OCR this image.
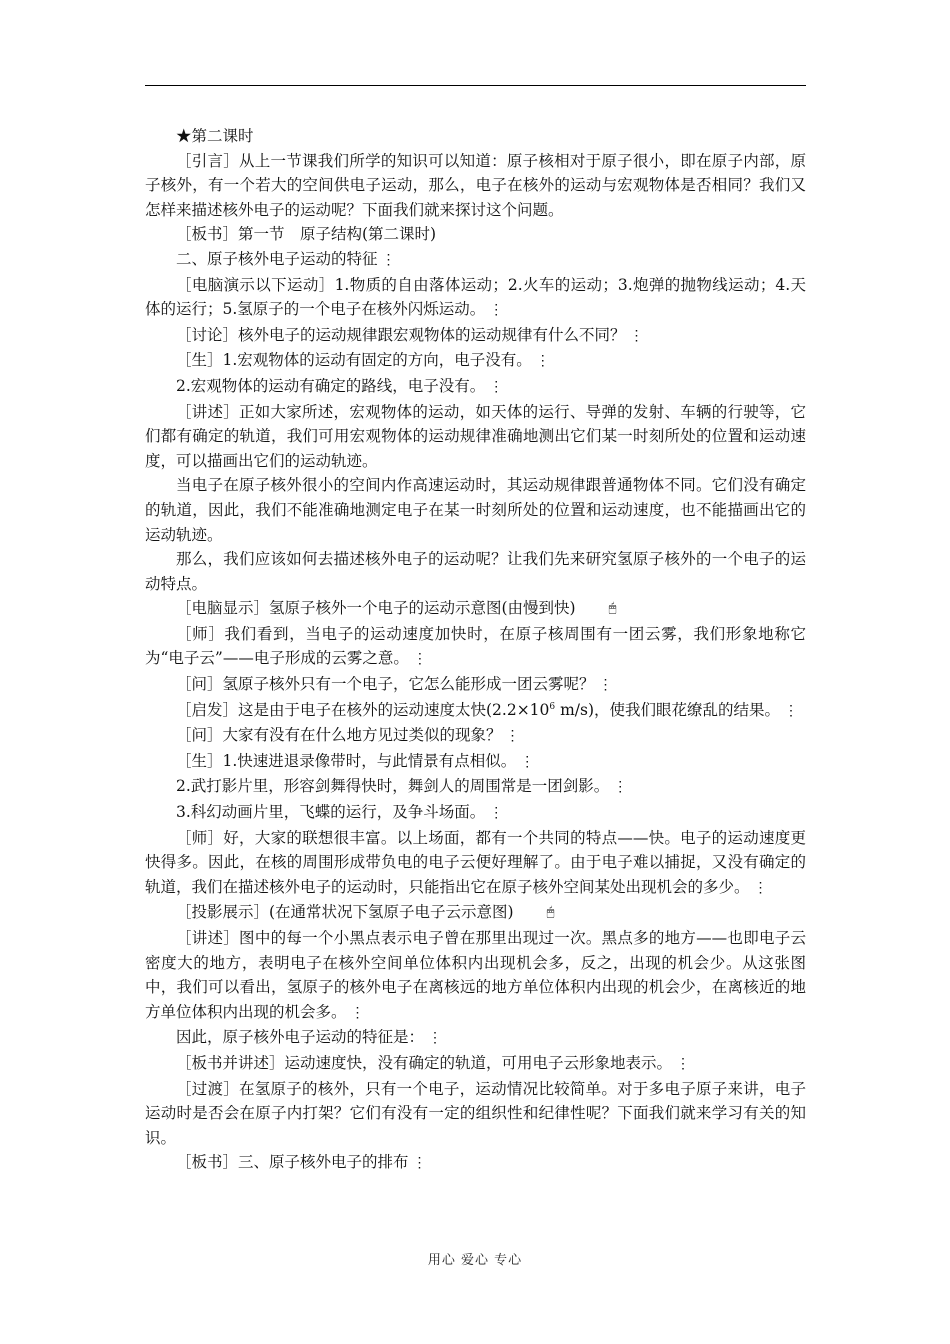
★第二课时

［引言］从上一节课我们所学的知识可以知道：原子核相对于原子很小，即在原子内部，原子核外，有一个若大的空间供电子运动，那么，电子在核外的运动与宏观物体是否相同？我们又怎样来描述核外电子的运动呢？下面我们就来探讨这个问题。

［板书］第一节　原子结构(第二课时)

二、原子核外电子运动的特征 ⋮

［电脑演示以下运动］1.物质的自由落体运动；2.火车的运动；3.炮弹的抛物线运动；4.天体的运行；5.氢原子的一个电子在核外闪烁运动。 ⋮

［讨论］核外电子的运动规律跟宏观物体的运动规律有什么不同？ ⋮

［生］1.宏观物体的运动有固定的方向，电子没有。 ⋮

2.宏观物体的运动有确定的路线，电子没有。 ⋮

［讲述］正如大家所述，宏观物体的运动，如天体的运行、导弹的发射、车辆的行驶等，它们都有确定的轨道，我们可用宏观物体的运动规律准确地测出它们某一时刻所处的位置和运动速度，可以描画出它们的运动轨迹。

当电子在原子核外很小的空间内作高速运动时，其运动规律跟普通物体不同。它们没有确定的轨道，因此，我们不能准确地测定电子在某一时刻所处的位置和运动速度，也不能描画出它的运动轨迹。

那么，我们应该如何去描述核外电子的运动呢？让我们先来研究氢原子核外的一个电子的运动特点。

［电脑显示］氢原子核外一个电子的运动示意图(由慢到快)	🖱

［师］我们看到，当电子的运动速度加快时，在原子核周围有一团云雾，我们形象地称它为“电子云”——电子形成的云雾之意。 ⋮

［问］氢原子核外只有一个电子，它怎么能形成一团云雾呢？ ⋮

［启发］这是由于电子在核外的运动速度太快($2.2\times 10^6$ m/s)，使我们眼花缭乱的结果。 ⋮

［问］大家有没有在什么地方见过类似的现象？ ⋮

［生］1.快速进退录像带时，与此情景有点相似。 ⋮

2.武打影片里，形容剑舞得快时，舞剑人的周围常是一团剑影。 ⋮

3.科幻动画片里，飞蝶的运行，及争斗场面。 ⋮

［师］好，大家的联想很丰富。以上场面，都有一个共同的特点——快。电子的运动速度更快得多。因此，在核的周围形成带负电的电子云便好理解了。由于电子难以捕捉，又没有确定的轨道，我们在描述核外电子的运动时，只能指出它在原子核外空间某处出现机会的多少。 ⋮

［投影展示］(在通常状况下氢原子电子云示意图)	🖱

［讲述］图中的每一个小黑点表示电子曾在那里出现过一次。黑点多的地方——也即电子云密度大的地方，表明电子在核外空间单位体积内出现机会多，反之，出现的机会少。从这张图中，我们可以看出，氢原子的核外电子在离核远的地方单位体积内出现的机会少，在离核近的地方单位体积内出现的机会多。 ⋮

因此，原子核外电子运动的特征是： ⋮

［板书并讲述］运动速度快，没有确定的轨道，可用电子云形象地表示。 ⋮

［过渡］在氢原子的核外，只有一个电子，运动情况比较简单。对于多电子原子来讲，电子运动时是否会在原子内打架？它们有没有一定的组织性和纪律性呢？下面我们就来学习有关的知识。

［板书］三、原子核外电子的排布 ⋮

用心 爱心 专心
